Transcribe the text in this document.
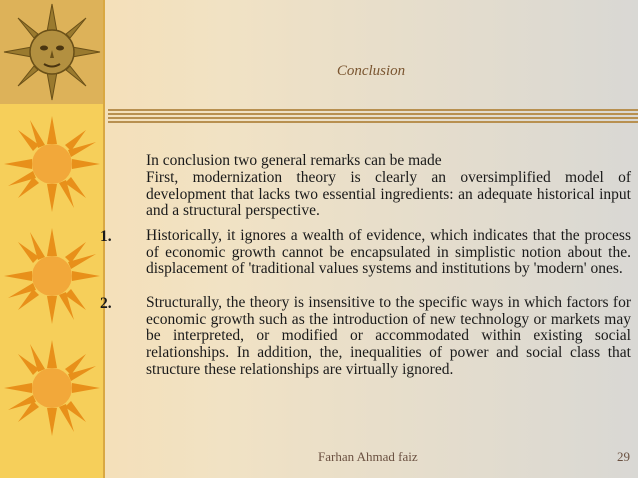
Conclusion
In conclusion two general remarks can be made
First, modernization theory is clearly an oversimplified model of development that lacks two essential ingredients: an adequate historical input and a structural perspective.
1. Historically, it ignores a wealth of evidence, which indicates that the process of economic growth cannot be encapsulated in simplistic notion about the. displacement of 'traditional values systems and institutions by 'modern' ones.
2. Structurally, the theory is insensitive to the specific ways in which factors for economic growth such as the introduction of new technology or markets may be interpreted, or modified or accommodated within existing social relationships. In addition, the, inequalities of power and social class that structure these relationships are virtually ignored.
Farhan Ahmad faiz	29
